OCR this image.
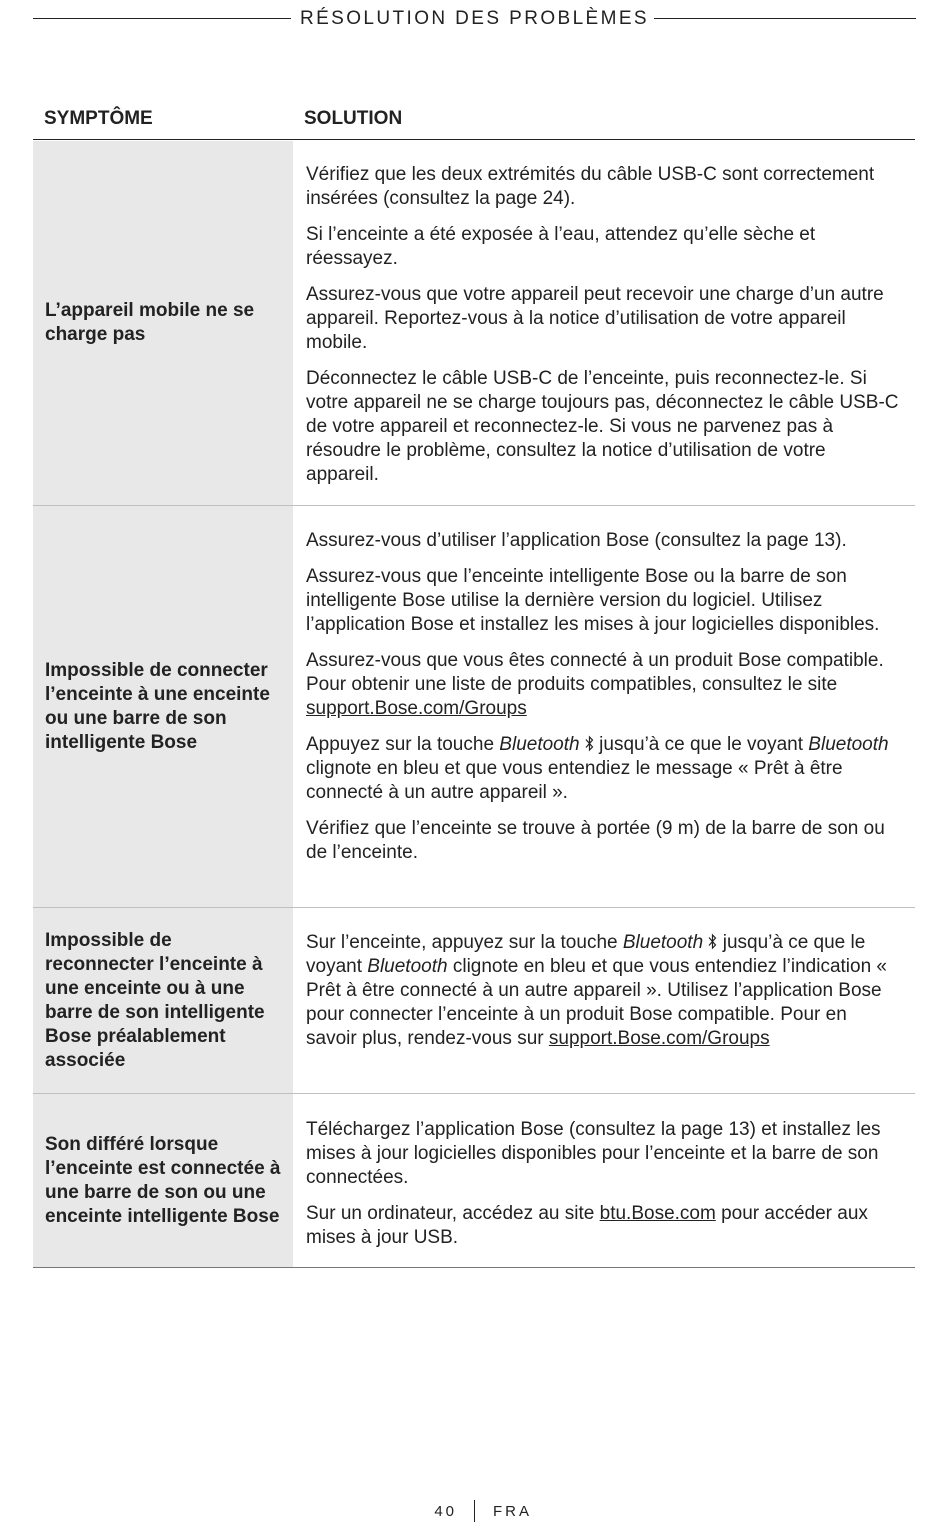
RÉSOLUTION DES PROBLÈMES
SYMPTÔME	SOLUTION
L’appareil mobile ne se charge pas

Vérifiez que les deux extrémités du câble USB-C sont correctement insérées (consultez la page 24).

Si l’enceinte a été exposée à l’eau, attendez qu’elle sèche et réessayez.

Assurez-vous que votre appareil peut recevoir une charge d’un autre appareil. Reportez-vous à la notice d’utilisation de votre appareil mobile.

Déconnectez le câble USB-C de l’enceinte, puis reconnectez-le. Si votre appareil ne se charge toujours pas, déconnectez le câble USB-C de votre appareil et reconnectez-le. Si vous ne parvenez pas à résoudre le problème, consultez la notice d’utilisation de votre appareil.

Impossible de connecter l’enceinte à une enceinte ou une barre de son intelligente Bose

Assurez-vous d’utiliser l’application Bose (consultez la page 13).

Assurez-vous que l’enceinte intelligente Bose ou la barre de son intelligente Bose utilise la dernière version du logiciel. Utilisez l’application Bose et installez les mises à jour logicielles disponibles.

Assurez-vous que vous êtes connecté à un produit Bose compatible. Pour obtenir une liste de produits compatibles, consultez le site support.Bose.com/Groups

Appuyez sur la touche Bluetooth  jusqu’à ce que le voyant Bluetooth clignote en bleu et que vous entendiez le message « Prêt à être connecté à un autre appareil ».

Vérifiez que l’enceinte se trouve à portée (9 m) de la barre de son ou de l’enceinte.

Impossible de reconnecter l’enceinte à une enceinte ou à une barre de son intelligente Bose préalablement associée

Sur l’enceinte, appuyez sur la touche Bluetooth  jusqu’à ce que le voyant Bluetooth clignote en bleu et que vous entendiez l’indication « Prêt à être connecté à un autre appareil ». Utilisez l’application Bose pour connecter l’enceinte à un produit Bose compatible. Pour en savoir plus, rendez-vous sur support.Bose.com/Groups

Son différé lorsque l’enceinte est connectée à une barre de son ou une enceinte intelligente Bose

Téléchargez l’application Bose (consultez la page 13) et installez les mises à jour logicielles disponibles pour l’enceinte et la barre de son connectées.

Sur un ordinateur, accédez au site btu.Bose.com pour accéder aux mises à jour USB.

40 FRA
